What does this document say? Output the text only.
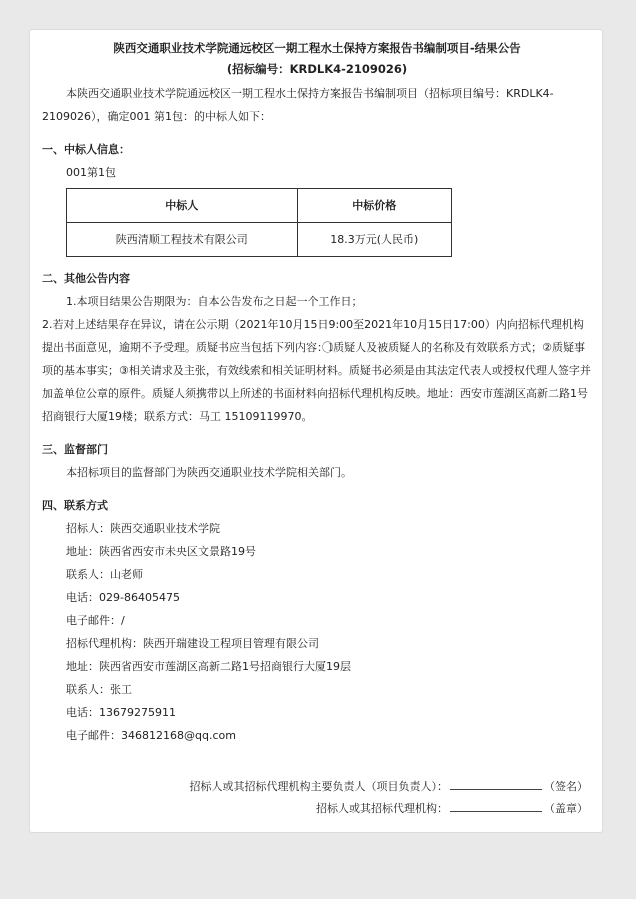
陕西交通职业技术学院通远校区一期工程水土保持方案报告书编制项目-结果公告
(招标编号：KRDLK4-2109026)

本陕西交通职业技术学院通远校区一期工程水土保持方案报告书编制项目（招标项目编号：KRDLK4-2109026），确定001 第1包：的中标人如下：

一、中标人信息：
001第1包
中标人	中标价格
陕西清顺工程技术有限公司	18.3万元(人民币)
二、其他公告内容

1.本项目结果公告期限为：自本公告发布之日起一个工作日；

2.若对上述结果存在异议，请在公示期（2021年10月15日9:00至2021年10月15日17:00）内向招标代理机构提出书面意见，逾期不予受理。质疑书应当包括下列内容：1⃝质疑人及被质疑人的名称及有效联系方式；②质疑事项的基本事实；③相关请求及主张，有效线索和相关证明材料。质疑书必须是由其法定代表人或授权代理人签字并加盖单位公章的原件。质疑人须携带以上所述的书面材料向招标代理机构反映。地址：西安市莲湖区高新二路1号招商银行大厦19楼；联系方式：马工 15109119970。

三、监督部门

本招标项目的监督部门为陕西交通职业技术学院相关部门。

四、联系方式
招标人：陕西交通职业技术学院
地址：陕西省西安市未央区文景路19号
联系人：山老师
电话：029-86405475
电子邮件：/
招标代理机构：陕西开瑞建设工程项目管理有限公司
地址：陕西省西安市莲湖区高新二路1号招商银行大厦19层
联系人：张工
电话：13679275911
电子邮件：346812168@qq.com
招标人或其招标代理机构主要负责人（项目负责人）：	（签名）
招标人或其招标代理机构：	（盖章）
